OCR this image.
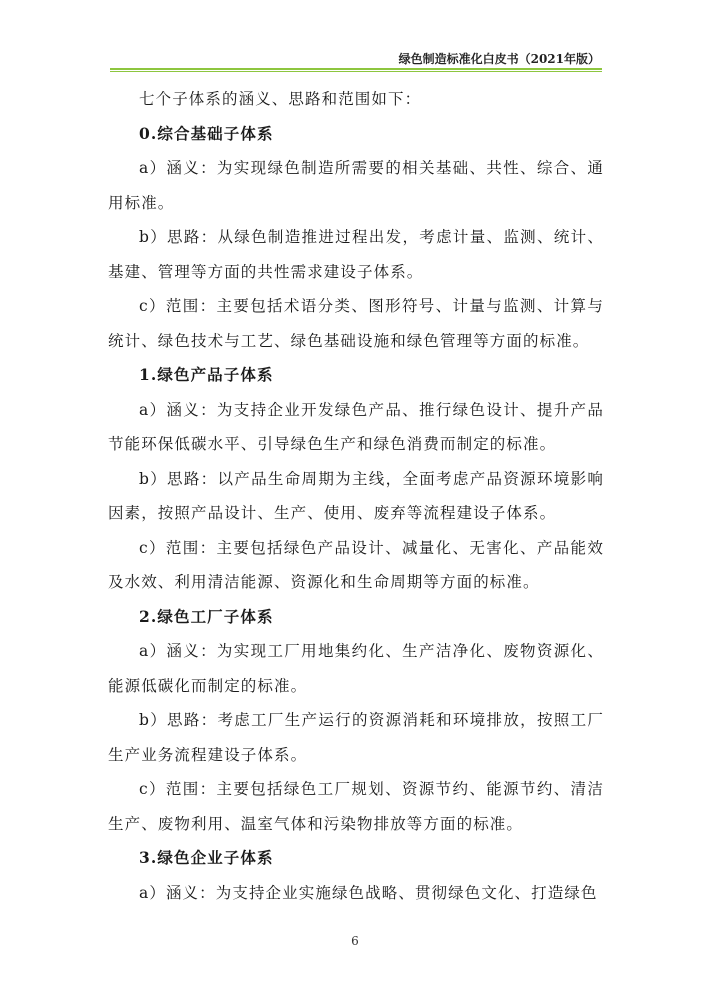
绿色制造标准化白皮书（2021年版）

七个子体系的涵义、思路和范围如下：

0.综合基础子体系

a）涵义：为实现绿色制造所需要的相关基础、共性、综合、通用标准。

b）思路：从绿色制造推进过程出发，考虑计量、监测、统计、基建、管理等方面的共性需求建设子体系。

c）范围：主要包括术语分类、图形符号、计量与监测、计算与统计、绿色技术与工艺、绿色基础设施和绿色管理等方面的标准。

1.绿色产品子体系

a）涵义：为支持企业开发绿色产品、推行绿色设计、提升产品节能环保低碳水平、引导绿色生产和绿色消费而制定的标准。

b）思路：以产品生命周期为主线，全面考虑产品资源环境影响因素，按照产品设计、生产、使用、废弃等流程建设子体系。

c）范围：主要包括绿色产品设计、减量化、无害化、产品能效及水效、利用清洁能源、资源化和生命周期等方面的标准。

2.绿色工厂子体系

a）涵义：为实现工厂用地集约化、生产洁净化、废物资源化、能源低碳化而制定的标准。

b）思路：考虑工厂生产运行的资源消耗和环境排放，按照工厂生产业务流程建设子体系。

c）范围：主要包括绿色工厂规划、资源节约、能源节约、清洁生产、废物利用、温室气体和污染物排放等方面的标准。

3.绿色企业子体系

a）涵义：为支持企业实施绿色战略、贯彻绿色文化、打造绿色

6
